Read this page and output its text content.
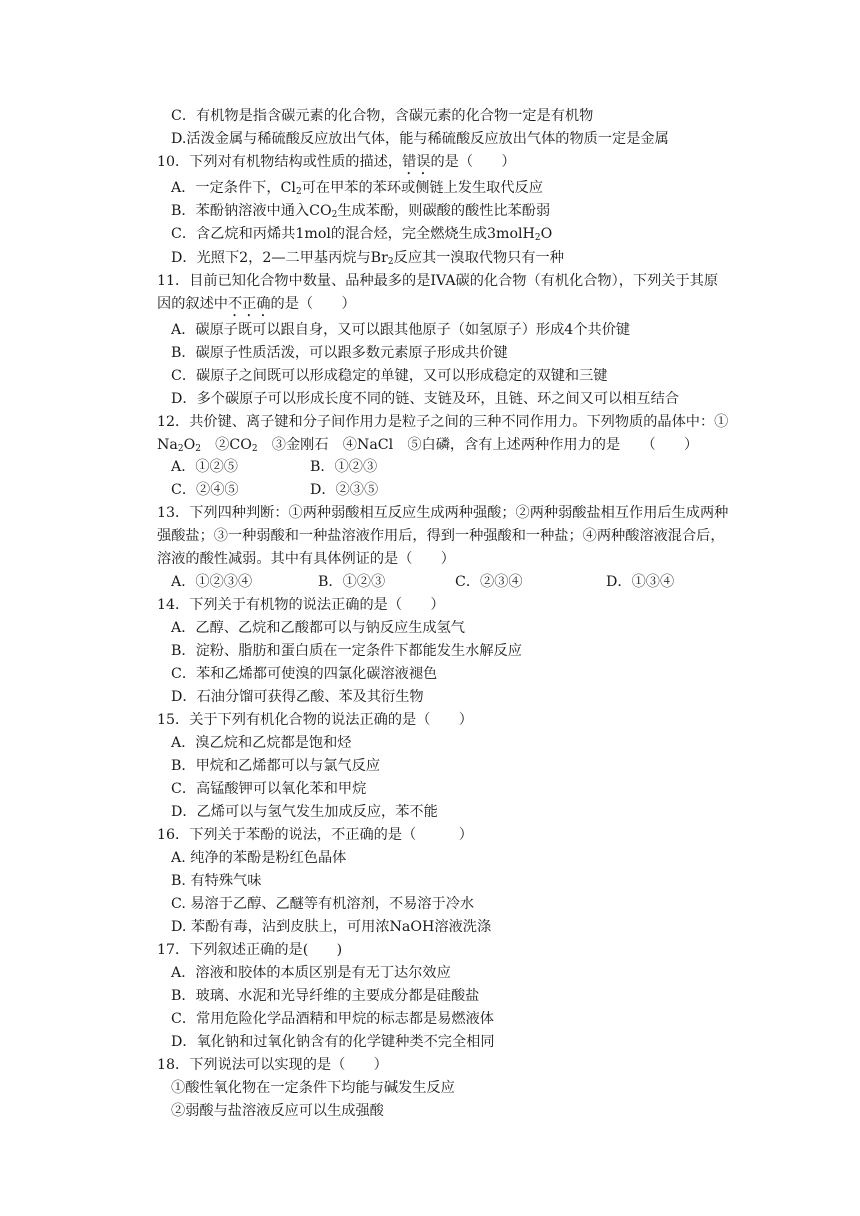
C．有机物是指含碳元素的化合物，含碳元素的化合物一定是有机物
D.活泼金属与稀硫酸反应放出气体，能与稀硫酸反应放出气体的物质一定是金属
10．下列对有机物结构或性质的描述，错误的是（　　）
A．一定条件下，$Cl_2$可在甲苯的苯环或侧链上发生取代反应
B．苯酚钠溶液中通入$CO_2$生成苯酚，则碳酸的酸性比苯酚弱
C．含乙烷和丙烯共1mol的混合烃，完全燃烧生成3molH$_2$O
D．光照下2，2—二甲基丙烷与$Br_2$反应其一溴取代物只有一种
11．目前已知化合物中数量、品种最多的是IVA碳的化合物（有机化合物），下列关于其原
因的叙述中不正确的是（　　）
A．碳原子既可以跟自身，又可以跟其他原子（如氢原子）形成4个共价键
B．碳原子性质活泼，可以跟多数元素原子形成共价键
C．碳原子之间既可以形成稳定的单键，又可以形成稳定的双键和三键
D．多个碳原子可以形成长度不同的链、支链及环，且链、环之间又可以相互结合
12．共价键、离子键和分子间作用力是粒子之间的三种不同作用力。下列物质的晶体中：①
$Na_2O_2$　$②CO_2$　③金刚石　④NaCl　⑤白磷，含有上述两种作用力的是　　（　　）
A．①②⑤	B．①②③
C．②④⑤	D．②③⑤
13．下列四种判断：①两种弱酸相互反应生成两种强酸；②两种弱酸盐相互作用后生成两种
强酸盐；③一种弱酸和一种盐溶液作用后，得到一种强酸和一种盐；④两种酸溶液混合后，
溶液的酸性减弱。其中有具体例证的是（　　）
A．①②③④	B．①②③	C．②③④	D．①③④
14．下列关于有机物的说法正确的是（　　）
A．乙醇、乙烷和乙酸都可以与钠反应生成氢气
B．淀粉、脂肪和蛋白质在一定条件下都能发生水解反应
C．苯和乙烯都可使溴的四氯化碳溶液褪色
D．石油分馏可获得乙酸、苯及其衍生物
15．关于下列有机化合物的说法正确的是（　　）
A．溴乙烷和乙烷都是饱和烃
B．甲烷和乙烯都可以与氯气反应
C．高锰酸钾可以氧化苯和甲烷
D．乙烯可以与氢气发生加成反应，苯不能
16．下列关于苯酚的说法，不正确的是（　　　）
A. 纯净的苯酚是粉红色晶体
B. 有特殊气味
C. 易溶于乙醇、乙醚等有机溶剂，不易溶于冷水
D. 苯酚有毒，沾到皮肤上，可用浓NaOH溶液洗涤
17．下列叙述正确的是(　　)
A．溶液和胶体的本质区别是有无丁达尔效应
B．玻璃、水泥和光导纤维的主要成分都是硅酸盐
C．常用危险化学品酒精和甲烷的标志都是易燃液体
D．氧化钠和过氧化钠含有的化学键种类不完全相同
18．下列说法可以实现的是（　　）
①酸性氧化物在一定条件下均能与碱发生反应
②弱酸与盐溶液反应可以生成强酸
